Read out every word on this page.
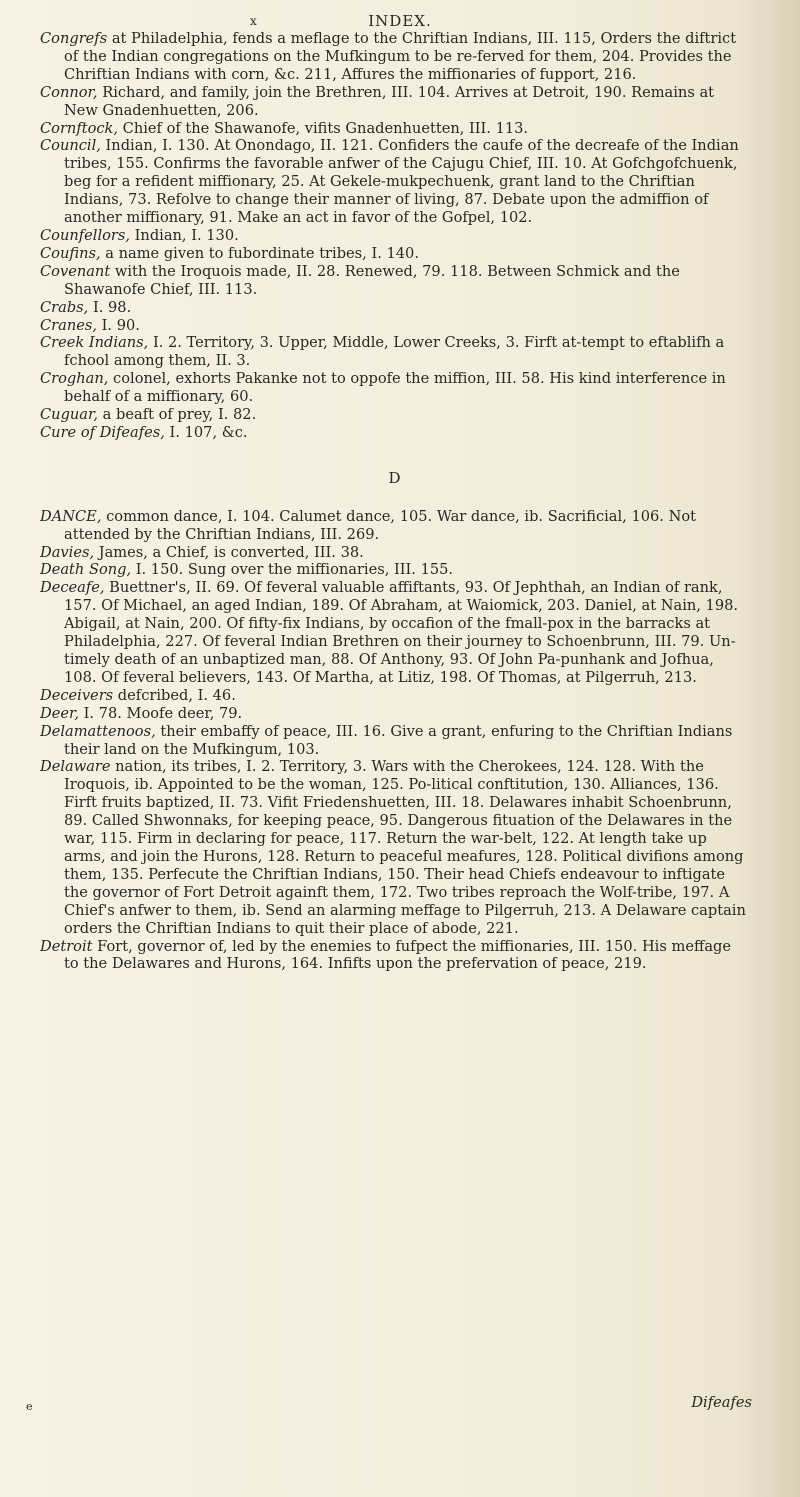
x	INDEX.

Congrefs at Philadelphia, fends a meflage to the Chriftian Indians, III. 115, Orders the diftrict of the Indian congregations on the Mufkingum to be re-ferved for them, 204. Provides the Chriftian Indians with corn, &c. 211, Affures the miffionaries of fupport, 216.

Connor, Richard, and family, join the Brethren, III. 104. Arrives at Detroit, 190. Remains at New Gnadenhuetten, 206.

Cornftock, Chief of the Shawanofe, vifits Gnadenhuetten, III. 113.

Council, Indian, I. 130. At Onondago, II. 121. Confiders the caufe of the decreafe of the Indian tribes, 155. Confirms the favorable anfwer of the Cajugu Chief, III. 10. At Gofchgofchuenk, beg for a refident miffionary, 25. At Gekele-mukpechuenk, grant land to the Chriftian Indians, 73. Refolve to change their manner of living, 87. Debate upon the admiffion of another miffionary, 91. Make an act in favor of the Gofpel, 102.

Counfellors, Indian, I. 130.

Coufins, a name given to fubordinate tribes, I. 140.

Covenant with the Iroquois made, II. 28. Renewed, 79. 118. Between Schmick and the Shawanofe Chief, III. 113.

Crabs, I. 98.

Cranes, I. 90.

Creek Indians, I. 2. Territory, 3. Upper, Middle, Lower Creeks, 3. Firft at-tempt to eftablifh a fchool among them, II. 3.

Croghan, colonel, exhorts Pakanke not to oppofe the miffion, III. 58. His kind interference in behalf of a miffionary, 60.

Cuguar, a beaft of prey, I. 82.

Cure of Difeafes, I. 107, &c.

D

DANCE, common dance, I. 104. Calumet dance, 105. War dance, ib. Sacrificial, 106. Not attended by the Chriftian Indians, III. 269.

Davies, James, a Chief, is converted, III. 38.

Death Song, I. 150. Sung over the miffionaries, III. 155.

Deceafe, Buettner's, II. 69. Of feveral valuable affiftants, 93. Of Jephthah, an Indian of rank, 157. Of Michael, an aged Indian, 189. Of Abraham, at Waiomick, 203. Daniel, at Nain, 198. Abigail, at Nain, 200. Of fifty-fix Indians, by occafion of the fmall-pox in the barracks at Philadelphia, 227. Of feveral Indian Brethren on their journey to Schoenbrunn, III. 79. Un-timely death of an unbaptized man, 88. Of Anthony, 93. Of John Pa-punhank and Jofhua, 108. Of feveral believers, 143. Of Martha, at Litiz, 198. Of Thomas, at Pilgerruh, 213.

Deceivers defcribed, I. 46.

Deer, I. 78. Moofe deer, 79.

Delamattenoos, their embaffy of peace, III. 16. Give a grant, enfuring to the Chriftian Indians their land on the Mufkingum, 103.

Delaware nation, its tribes, I. 2. Territory, 3. Wars with the Cherokees, 124. 128. With the Iroquois, ib. Appointed to be the woman, 125. Po-litical conftitution, 130. Alliances, 136. Firft fruits baptized, II. 73. Vifit Friedenshuetten, III. 18. Delawares inhabit Schoenbrunn, 89. Called Shwonnaks, for keeping peace, 95. Dangerous fituation of the Delawares in the war, 115. Firm in declaring for peace, 117. Return the war-belt, 122. At length take up arms, and join the Hurons, 128. Return to peaceful meafures, 128. Political divifions among them, 135. Perfecute the Chriftian Indians, 150. Their head Chiefs endeavour to inftigate the governor of Fort Detroit againft them, 172. Two tribes reproach the Wolf-tribe, 197. A Chief's anfwer to them, ib. Send an alarming meffage to Pilgerruh, 213. A Delaware captain orders the Chriftian Indians to quit their place of abode, 221.

Detroit Fort, governor of, led by the enemies to fufpect the miffionaries, III. 150. His meffage to the Delawares and Hurons, 164. Infifts upon the prefervation of peace, 219.

e	Difeafes
